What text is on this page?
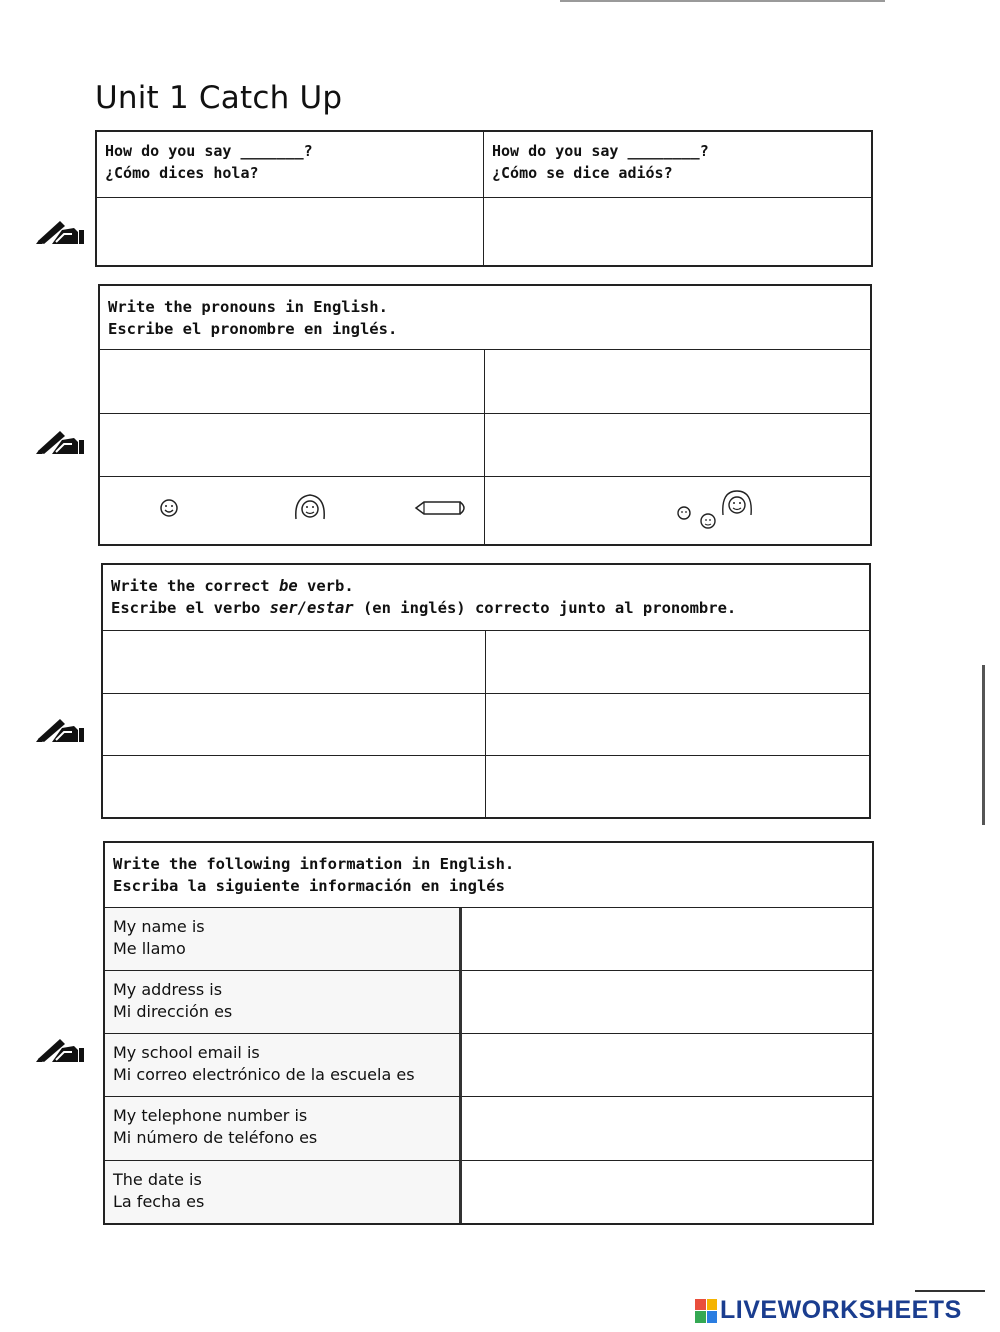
Unit 1 Catch Up
How do you say _______?
¿Cómo dices hola?
How do you say ________?
¿Cómo se dice adiós?
Write the pronouns in English.
Escribe el pronombre en inglés.
Write the correct be verb.
Escribe el verbo ser/estar (en inglés) correcto junto al pronombre.
Write the following information in English.
Escriba la siguiente información en inglés
My name is
Me llamo
My address is
Mi dirección es
My school email is
Mi correo electrónico de la escuela es
My telephone number is
Mi número de teléfono es
The date is
La fecha es
LIVEWORKSHEETS
